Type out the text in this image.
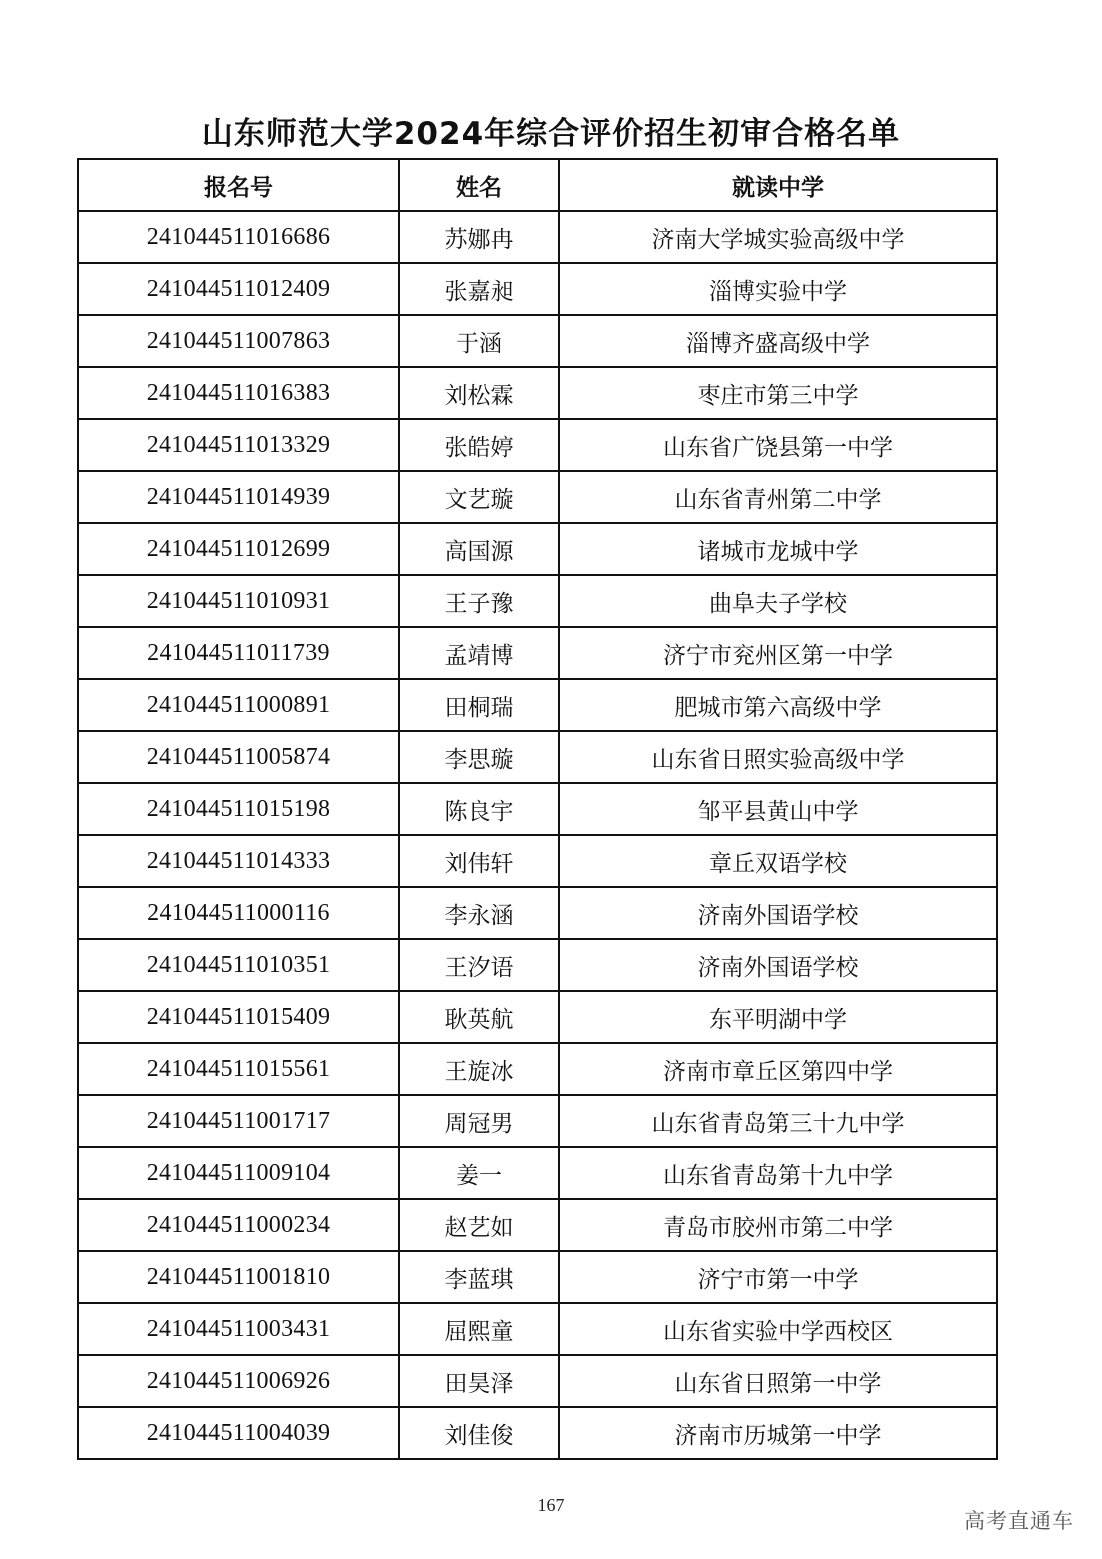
山东师范大学2024年综合评价招生初审合格名单
报名号	姓名	就读中学
241044511016686	苏娜冉	济南大学城实验高级中学
241044511012409	张嘉昶	淄博实验中学
241044511007863	于涵	淄博齐盛高级中学
241044511016383	刘松霖	枣庄市第三中学
241044511013329	张皓婷	山东省广饶县第一中学
241044511014939	文艺璇	山东省青州第二中学
241044511012699	高国源	诸城市龙城中学
241044511010931	王子豫	曲阜夫子学校
241044511011739	孟靖博	济宁市兖州区第一中学
241044511000891	田桐瑞	肥城市第六高级中学
241044511005874	李思璇	山东省日照实验高级中学
241044511015198	陈良宇	邹平县黄山中学
241044511014333	刘伟轩	章丘双语学校
241044511000116	李永涵	济南外国语学校
241044511010351	王汐语	济南外国语学校
241044511015409	耿英航	东平明湖中学
241044511015561	王旋冰	济南市章丘区第四中学
241044511001717	周冠男	山东省青岛第三十九中学
241044511009104	姜一	山东省青岛第十九中学
241044511000234	赵艺如	青岛市胶州市第二中学
241044511001810	李蓝琪	济宁市第一中学
241044511003431	屈熙童	山东省实验中学西校区
241044511006926	田昊泽	山东省日照第一中学
241044511004039	刘佳俊	济南市历城第一中学
167
高考直通车
